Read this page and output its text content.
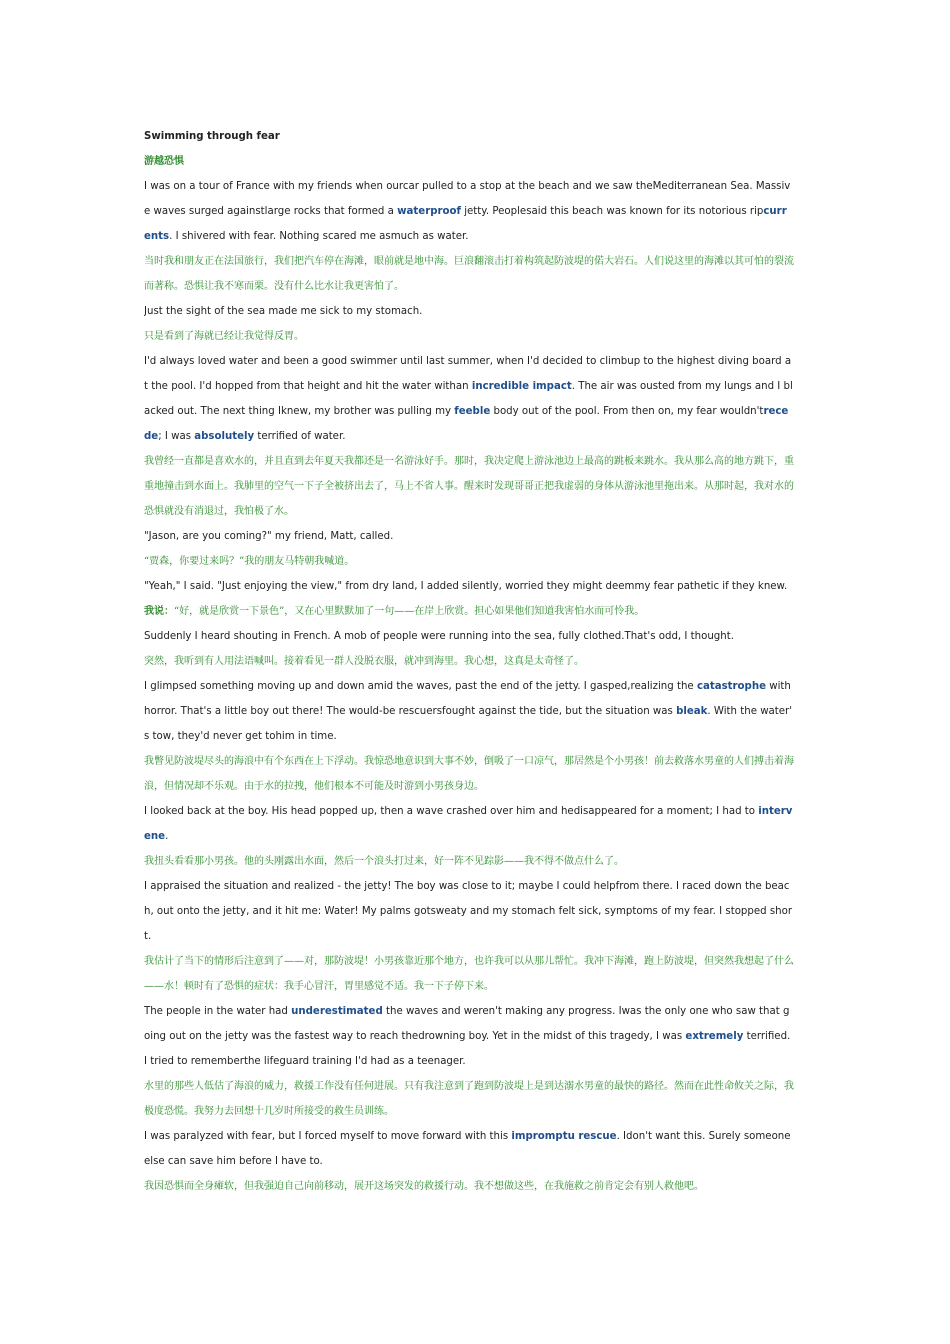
Swimming through fear
游越恐惧
I was on a tour of France with my friends when ourcar pulled to a stop at the beach and we saw theMediterranean Sea. Massiv
e waves surged againstlarge rocks that formed a waterproof jetty. Peoplesaid this beach was known for its notorious ripcurr
ents. I shivered with fear. Nothing scared me asmuch as water.
当时我和朋友正在法国旅行，我们把汽车停在海滩，眼前就是地中海。巨浪翻滚击打着构筑起防波堤的偌大岩石。人们说这里的海滩以其可怕的裂流
而著称。恐惧让我不寒而栗。没有什么比水让我更害怕了。
Just the sight of the sea made me sick to my stomach.
只是看到了海就已经让我觉得反胃。
I'd always loved water and been a good swimmer until last summer, when I'd decided to climbup to the highest diving board a
t the pool. I'd hopped from that height and hit the water withan incredible impact. The air was ousted from my lungs and I bl
acked out. The next thing Iknew, my brother was pulling my feeble body out of the pool. From then on, my fear wouldn'trece
de; I was absolutely terrified of water.
我曾经一直都是喜欢水的，并且直到去年夏天我都还是一名游泳好手。那时，我决定爬上游泳池边上最高的跳板来跳水。我从那么高的地方跳下，重
重地撞击到水面上。我肺里的空气一下子全被挤出去了，马上不省人事。醒来时发现哥哥正把我虚弱的身体从游泳池里拖出来。从那时起，我对水的
恐惧就没有消退过，我怕极了水。
"Jason, are you coming?" my friend, Matt, called.
“贾森，你要过来吗？”我的朋友马特朝我喊道。
"Yeah," I said. "Just enjoying the view," from dry land, I added silently, worried they might deemmy fear pathetic if they knew.
我说：“好，就是欣赏一下景色”，又在心里默默加了一句——在岸上欣赏。担心如果他们知道我害怕水而可怜我。
Suddenly I heard shouting in French. A mob of people were running into the sea, fully clothed.That's odd, I thought.
突然，我听到有人用法语喊叫。接着看见一群人没脱衣服，就冲到海里。我心想，这真是太奇怪了。
I glimpsed something moving up and down amid the waves, past the end of the jetty. I gasped,realizing the catastrophe with
horror. That's a little boy out there! The would-be rescuersfought against the tide, but the situation was bleak. With the water'
s tow, they'd never get tohim in time.
我瞥见防波堤尽头的海浪中有个东西在上下浮动。我惊恐地意识到大事不妙，倒吸了一口凉气，那居然是个小男孩！前去救落水男童的人们搏击着海
浪，但情况却不乐观。由于水的拉拽，他们根本不可能及时游到小男孩身边。
I looked back at the boy. His head popped up, then a wave crashed over him and hedisappeared for a moment; I had to interv
ene.
我扭头看看那小男孩。他的头刚露出水面，然后一个浪头打过来，好一阵不见踪影——我不得不做点什么了。
I appraised the situation and realized - the jetty! The boy was close to it; maybe I could helpfrom there. I raced down the beac
h, out onto the jetty, and it hit me: Water! My palms gotsweaty and my stomach felt sick, symptoms of my fear. I stopped shor
t.
我估计了当下的情形后注意到了——对，那防波堤！小男孩靠近那个地方，也许我可以从那儿帮忙。我冲下海滩，跑上防波堤，但突然我想起了什么
——水！顿时有了恐惧的症状：我手心冒汗，胃里感觉不适。我一下子停下来。
The people in the water had underestimated the waves and weren't making any progress. Iwas the only one who saw that g
oing out on the jetty was the fastest way to reach thedrowning boy. Yet in the midst of this tragedy, I was extremely terrified.
I tried to rememberthe lifeguard training I'd had as a teenager.
水里的那些人低估了海浪的威力，救援工作没有任何进展。只有我注意到了跑到防波堤上是到达溺水男童的最快的路径。然而在此性命攸关之际，我
极度恐慌。我努力去回想十几岁时所接受的救生员训练。
I was paralyzed with fear, but I forced myself to move forward with this impromptu rescue. Idon't want this. Surely someone
else can save him before I have to.
我因恐惧而全身瘫软，但我强迫自己向前移动，展开这场突发的救援行动。我不想做这些，在我施救之前肯定会有别人救他吧。
